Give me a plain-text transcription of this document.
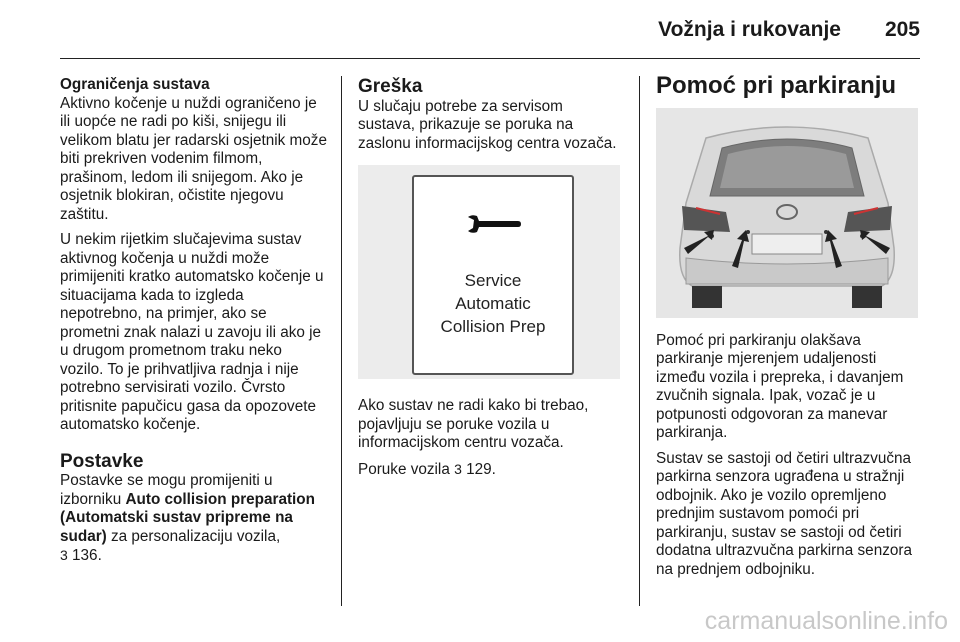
Vožnja i rukovanje 205
Ograničenja sustava

Aktivno kočenje u nuždi ograničeno je ili uopće ne radi po kiši, snijegu ili velikom blatu jer radarski osjetnik može biti prekriven vodenim filmom, prašinom, ledom ili snijegom. Ako je osjetnik blokiran, očistite njegovu zaštitu.

U nekim rijetkim slučajevima sustav aktivnog kočenja u nuždi može primijeniti kratko automatsko kočenje u situacijama kada to izgleda nepotrebno, na primjer, ako se prometni znak nalazi u zavoju ili ako je u drugom prometnom traku neko vozilo. To je prihvatljiva radnja i nije potrebno servisirati vozilo. Čvrsto pritisnite papučicu gasa da opozovete automatsko kočenje.

Postavke

Postavke se mogu promijeniti u izborniku Auto collision preparation (Automatski sustav pripreme na sudar) za personalizaciju vozila,
3 136.

Greška

U slučaju potrebe za servisom sustava, prikazuje se poruka na zaslonu informacijskog centra vozača.

Service
Automatic
Collision Prep

Ako sustav ne radi kako bi trebao, pojavljuju se poruke vozila u informacijskom centru vozača.

Poruke vozila 3 129.

Pomoć pri parkiranju

Pomoć pri parkiranju olakšava parkiranje mjerenjem udaljenosti između vozila i prepreka, i davanjem zvučnih signala. Ipak, vozač je u potpunosti odgovoran za manevar parkiranja.

Sustav se sastoji od četiri ultrazvučna parkirna senzora ugrađena u stražnji odbojnik. Ako je vozilo opremljeno prednjim sustavom pomoći pri parkiranju, sustav se sastoji od četiri dodatna ultrazvučna parkirna senzora na prednjem odbojniku.

carmanualsonline.info
